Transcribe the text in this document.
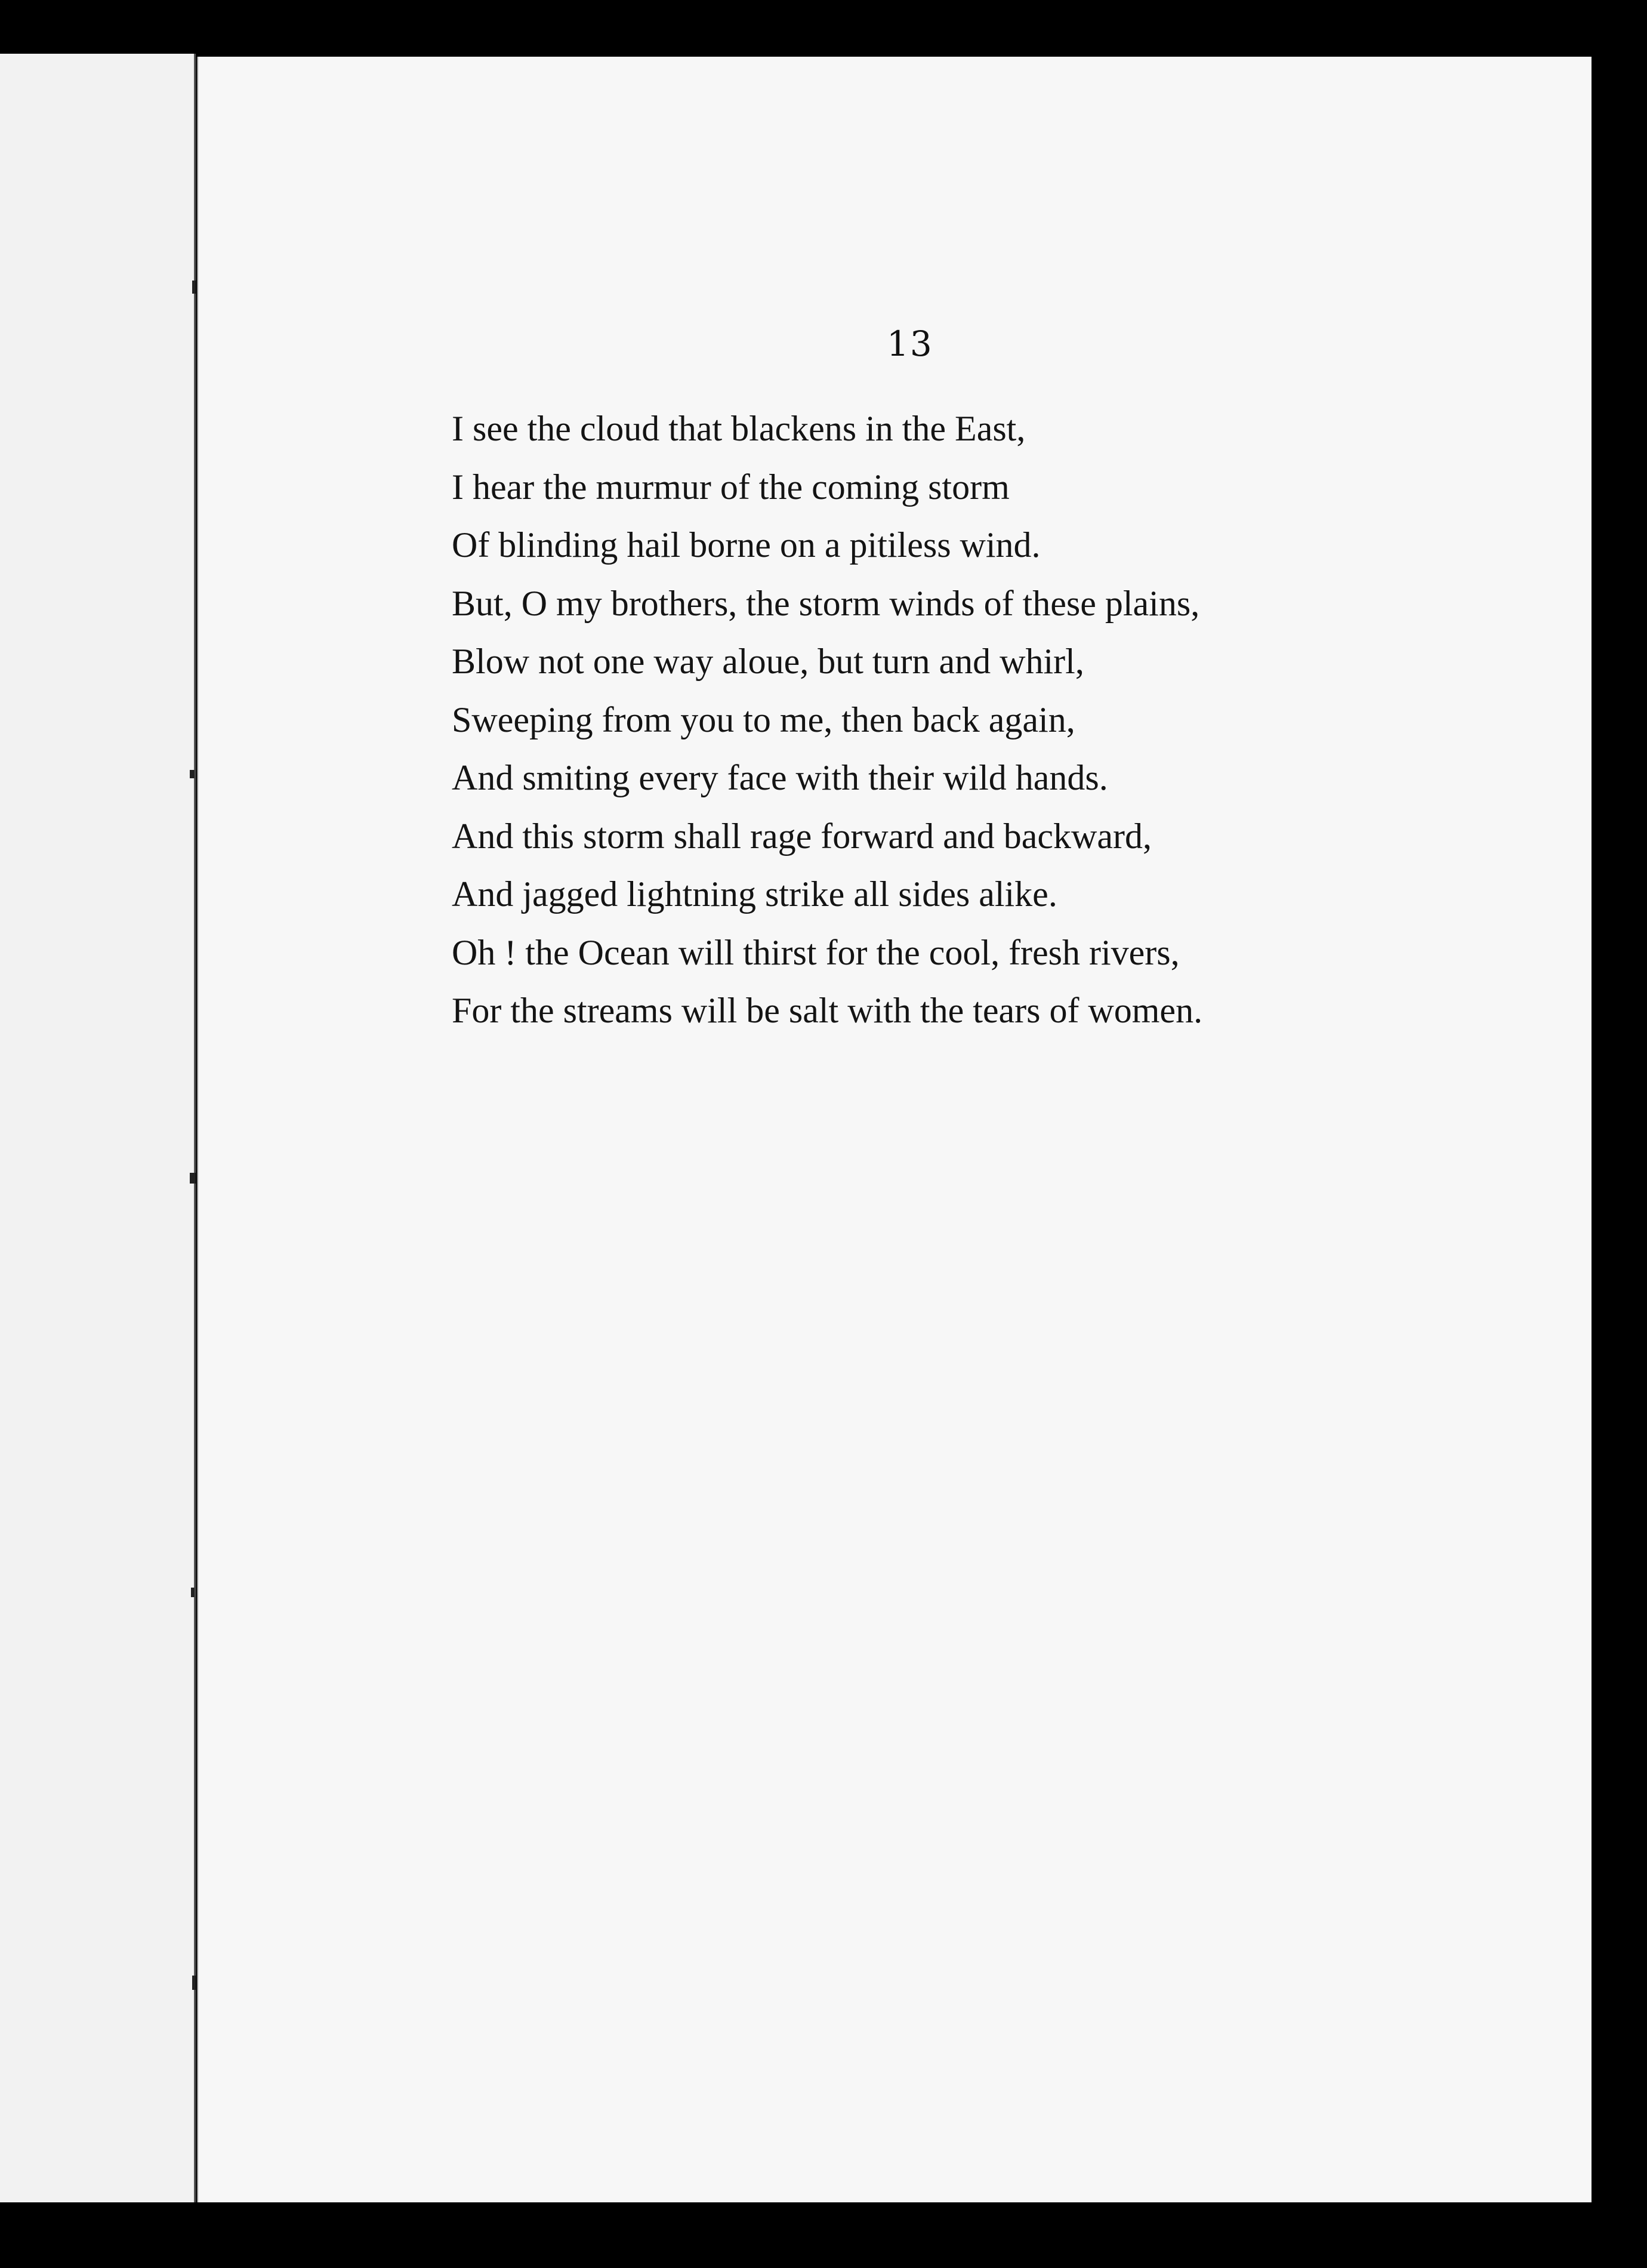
13
I see the cloud that blackens in the East,
I hear the murmur of the coming storm
Of blinding hail borne on a pitiless wind.
But, O my brothers, the storm winds of these plains,
Blow not one way aloue, but turn and whirl,
Sweeping from you to me, then back again,
And smiting every face with their wild hands.
And this storm shall rage forward and backward,
And jagged lightning strike all sides alike.
Oh ! the Ocean will thirst for the cool, fresh rivers,
For the streams will be salt with the tears of women.
